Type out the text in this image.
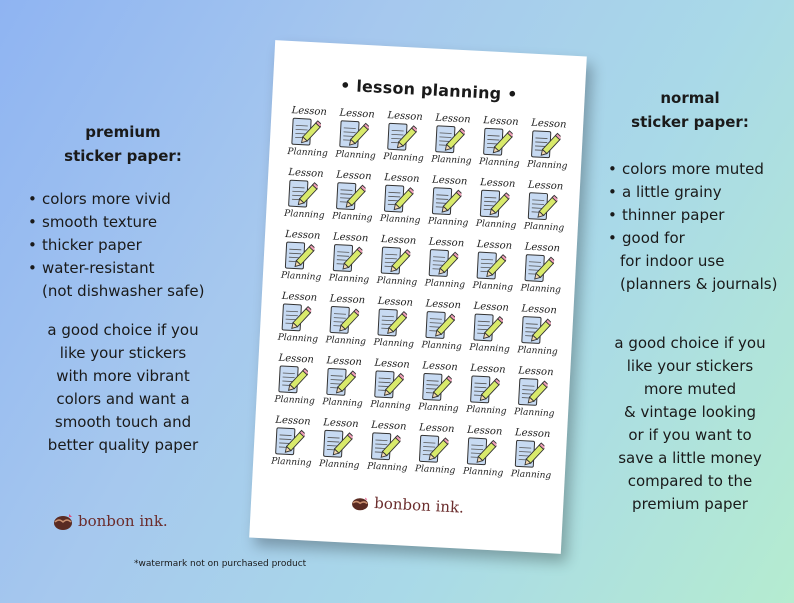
premium
sticker paper:
• colors more vivid
• smooth texture
• thicker paper
• water-resistant
(not dishwasher safe)
a good choice if you
like your stickers
with more vibrant
colors and want a
smooth touch and
better quality paper
normal
sticker paper:
• colors more muted
• a little grainy
• thinner paper
• good for
for indoor use
(planners & journals)
a good choice if you
like your stickers
more muted
& vintage looking
or if you want to
save a little money
compared to the
premium paper
• lesson planning •
Lesson
Planning
Lesson
Planning
Lesson
Planning
Lesson
Planning
Lesson
Planning
Lesson
Planning
Lesson
Planning
Lesson
Planning
Lesson
Planning
Lesson
Planning
Lesson
Planning
Lesson
Planning
Lesson
Planning
Lesson
Planning
Lesson
Planning
Lesson
Planning
Lesson
Planning
Lesson
Planning
Lesson
Planning
Lesson
Planning
Lesson
Planning
Lesson
Planning
Lesson
Planning
Lesson
Planning
Lesson
Planning
Lesson
Planning
Lesson
Planning
Lesson
Planning
Lesson
Planning
Lesson
Planning
Lesson
Planning
Lesson
Planning
Lesson
Planning
Lesson
Planning
Lesson
Planning
Lesson
Planning
bonbon ink.
bonbon ink.
*watermark not on purchased product
